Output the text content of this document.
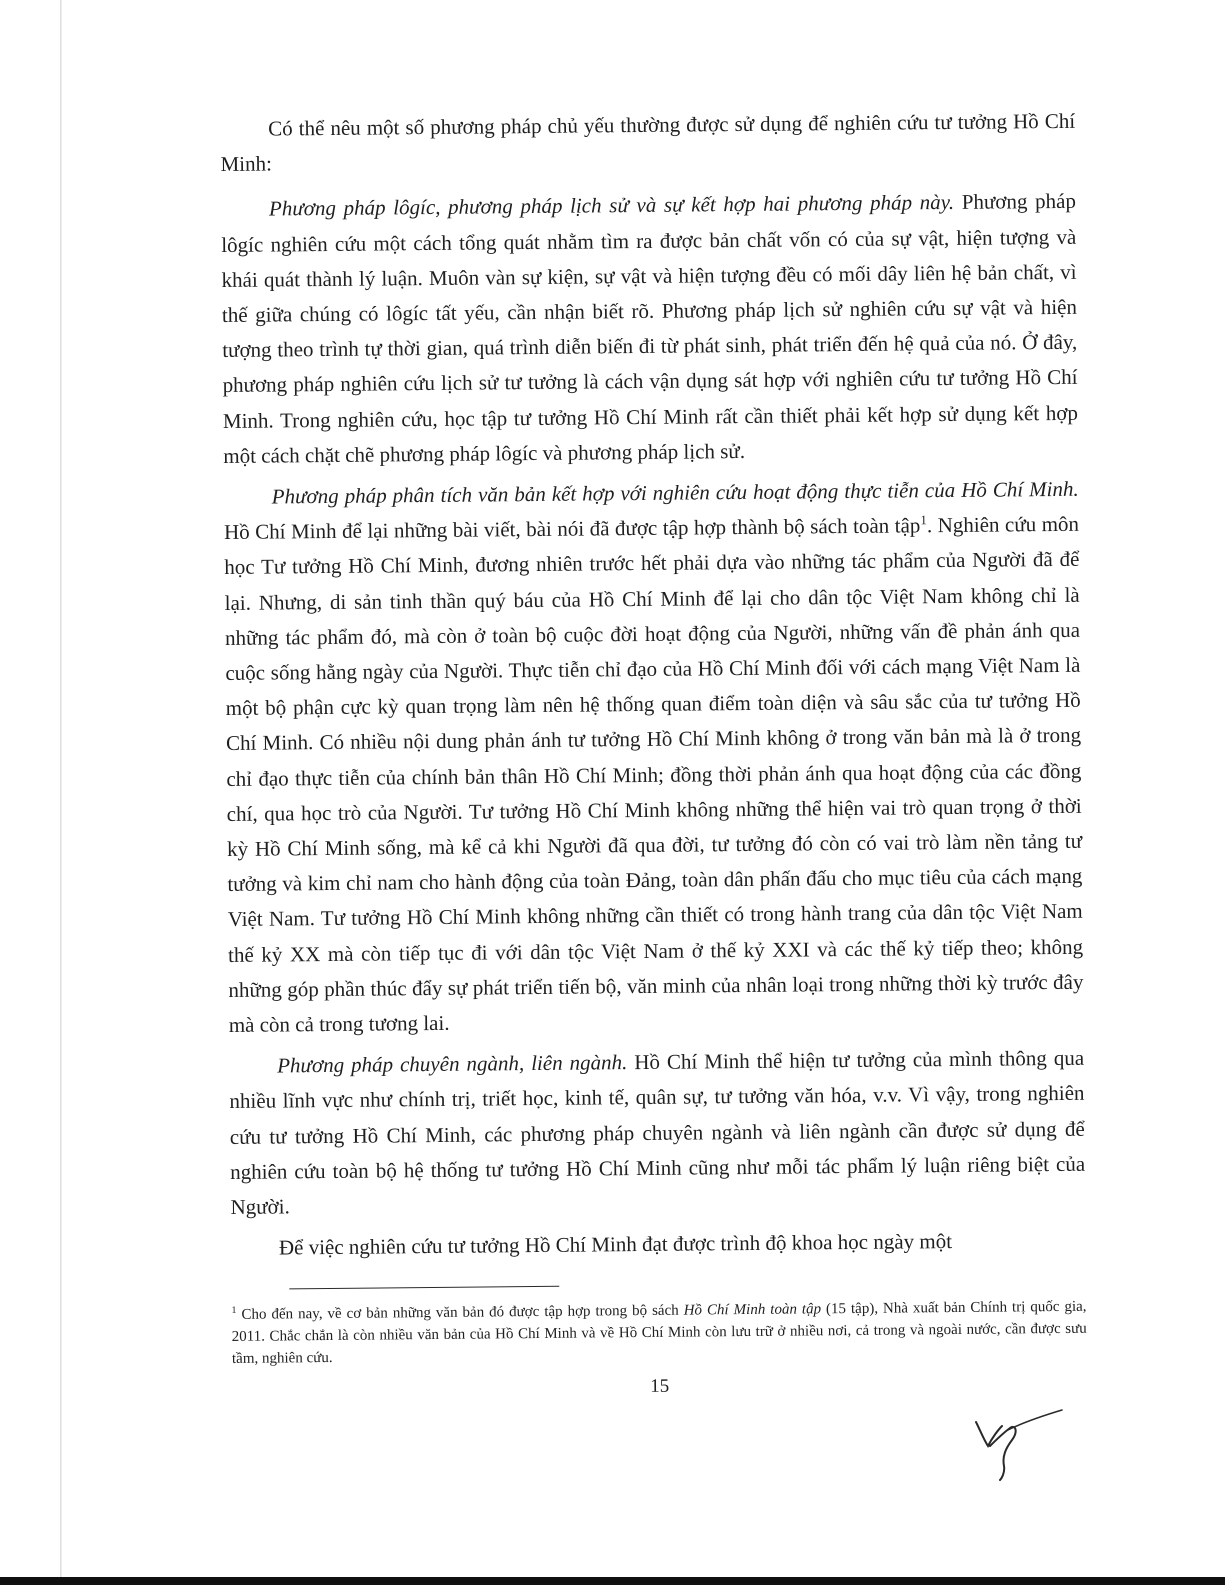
Có thể nêu một số phương pháp chủ yếu thường được sử dụng để nghiên cứu tư tưởng Hồ Chí Minh:

Phương pháp lôgíc, phương pháp lịch sử và sự kết hợp hai phương pháp này. Phương pháp lôgíc nghiên cứu một cách tổng quát nhằm tìm ra được bản chất vốn có của sự vật, hiện tượng và khái quát thành lý luận. Muôn vàn sự kiện, sự vật và hiện tượng đều có mối dây liên hệ bản chất, vì thế giữa chúng có lôgíc tất yếu, cần nhận biết rõ. Phương pháp lịch sử nghiên cứu sự vật và hiện tượng theo trình tự thời gian, quá trình diễn biến đi từ phát sinh, phát triển đến hệ quả của nó. Ở đây, phương pháp nghiên cứu lịch sử tư tưởng là cách vận dụng sát hợp với nghiên cứu tư tưởng Hồ Chí Minh. Trong nghiên cứu, học tập tư tưởng Hồ Chí Minh rất cần thiết phải kết hợp sử dụng kết hợp một cách chặt chẽ phương pháp lôgíc và phương pháp lịch sử.

Phương pháp phân tích văn bản kết hợp với nghiên cứu hoạt động thực tiễn của Hồ Chí Minh. Hồ Chí Minh để lại những bài viết, bài nói đã được tập hợp thành bộ sách toàn tập$^1$. Nghiên cứu môn học Tư tưởng Hồ Chí Minh, đương nhiên trước hết phải dựa vào những tác phẩm của Người đã để lại. Nhưng, di sản tinh thần quý báu của Hồ Chí Minh để lại cho dân tộc Việt Nam không chỉ là những tác phẩm đó, mà còn ở toàn bộ cuộc đời hoạt động của Người, những vấn đề phản ánh qua cuộc sống hằng ngày của Người. Thực tiễn chỉ đạo của Hồ Chí Minh đối với cách mạng Việt Nam là một bộ phận cực kỳ quan trọng làm nên hệ thống quan điểm toàn diện và sâu sắc của tư tưởng Hồ Chí Minh. Có nhiều nội dung phản ánh tư tưởng Hồ Chí Minh không ở trong văn bản mà là ở trong chỉ đạo thực tiễn của chính bản thân Hồ Chí Minh; đồng thời phản ánh qua hoạt động của các đồng chí, qua học trò của Người. Tư tưởng Hồ Chí Minh không những thể hiện vai trò quan trọng ở thời kỳ Hồ Chí Minh sống, mà kể cả khi Người đã qua đời, tư tưởng đó còn có vai trò làm nền tảng tư tưởng và kim chỉ nam cho hành động của toàn Đảng, toàn dân phấn đấu cho mục tiêu của cách mạng Việt Nam. Tư tưởng Hồ Chí Minh không những cần thiết có trong hành trang của dân tộc Việt Nam thế kỷ XX mà còn tiếp tục đi với dân tộc Việt Nam ở thế kỷ XXI và các thế kỷ tiếp theo; không những góp phần thúc đẩy sự phát triển tiến bộ, văn minh của nhân loại trong những thời kỳ trước đây mà còn cả trong tương lai.

Phương pháp chuyên ngành, liên ngành. Hồ Chí Minh thể hiện tư tưởng của mình thông qua nhiều lĩnh vực như chính trị, triết học, kinh tế, quân sự, tư tưởng văn hóa, v.v. Vì vậy, trong nghiên cứu tư tưởng Hồ Chí Minh, các phương pháp chuyên ngành và liên ngành cần được sử dụng để nghiên cứu toàn bộ hệ thống tư tưởng Hồ Chí Minh cũng như mỗi tác phẩm lý luận riêng biệt của Người.

Để việc nghiên cứu tư tưởng Hồ Chí Minh đạt được trình độ khoa học ngày một

$^1$ Cho đến nay, về cơ bản những văn bản đó được tập hợp trong bộ sách Hồ Chí Minh toàn tập (15 tập), Nhà xuất bản Chính trị quốc gia, 2011. Chắc chắn là còn nhiều văn bản của Hồ Chí Minh và về Hồ Chí Minh còn lưu trữ ở nhiều nơi, cả trong và ngoài nước, cần được sưu tầm, nghiên cứu.

15
